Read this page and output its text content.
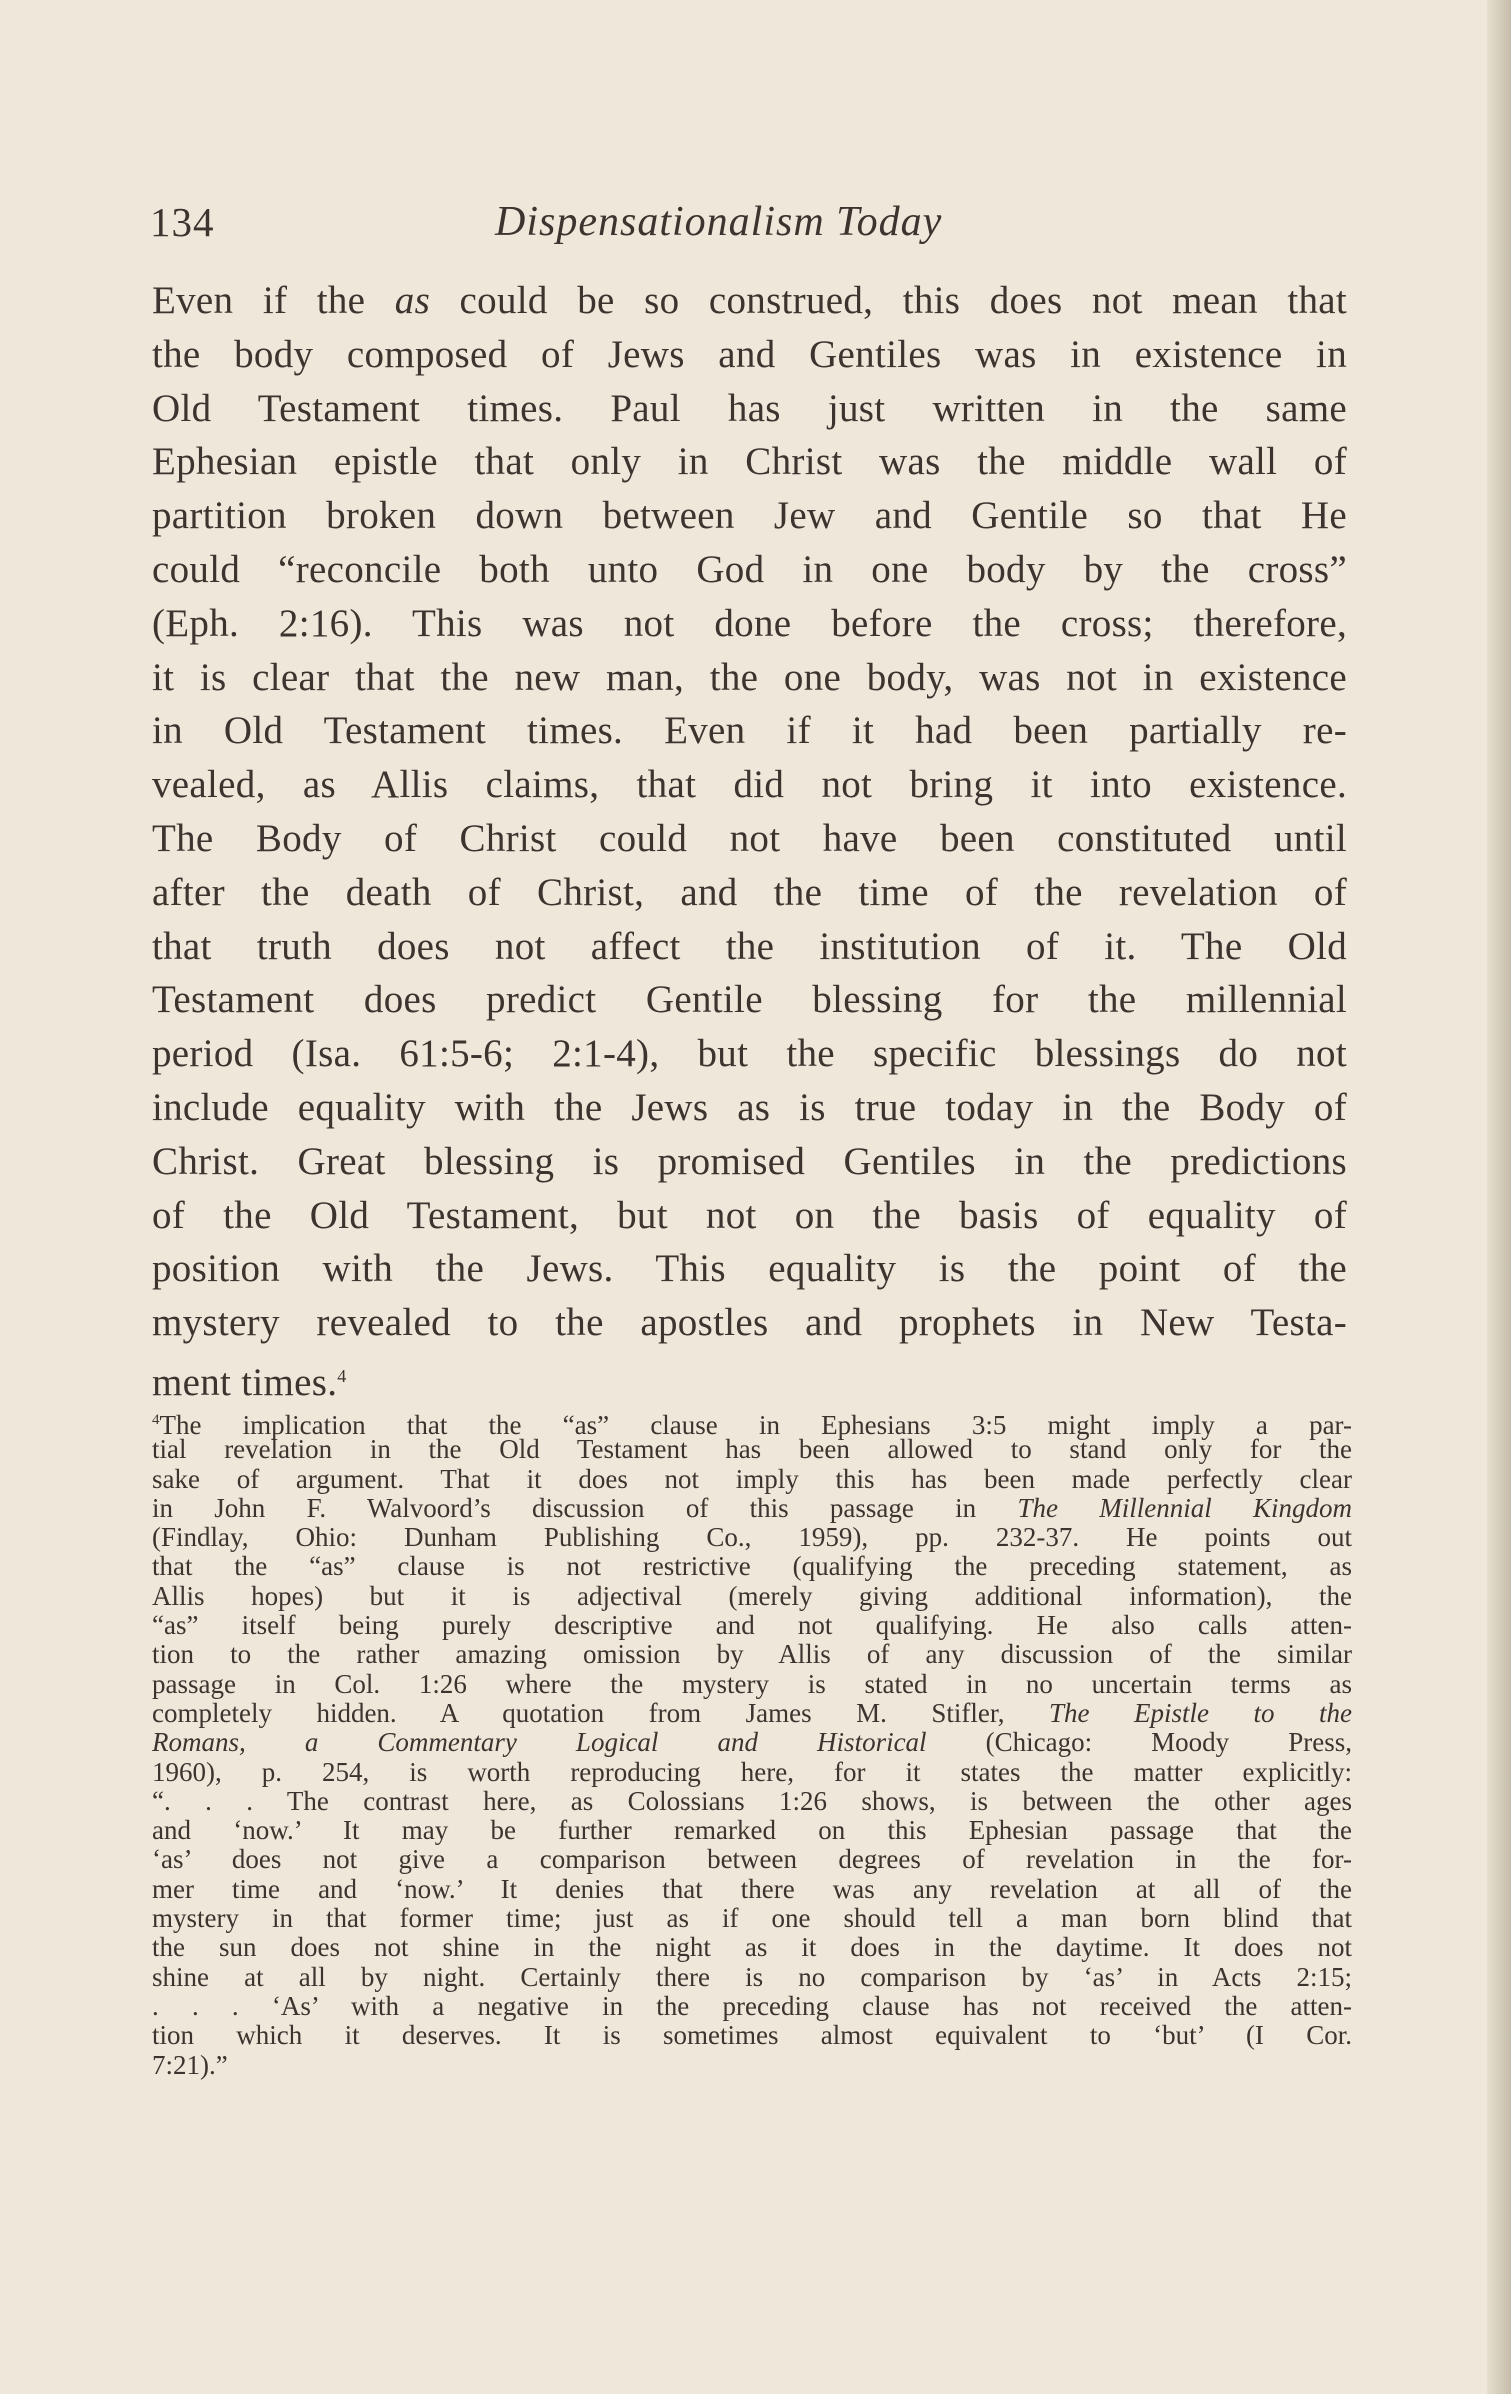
134	Dispensationalism Today
Even if the as could be so construed, this does not mean that
the body composed of Jews and Gentiles was in existence in
Old Testament times. Paul has just written in the same
Ephesian epistle that only in Christ was the middle wall of
partition broken down between Jew and Gentile so that He
could “reconcile both unto God in one body by the cross”
(Eph. 2:16). This was not done before the cross; therefore,
it is clear that the new man, the one body, was not in existence
in Old Testament times. Even if it had been partially re-
vealed, as Allis claims, that did not bring it into existence.
The Body of Christ could not have been constituted until
after the death of Christ, and the time of the revelation of
that truth does not affect the institution of it. The Old
Testament does predict Gentile blessing for the millennial
period (Isa. 61:5-6; 2:1-4), but the specific blessings do not
include equality with the Jews as is true today in the Body of
Christ. Great blessing is promised Gentiles in the predictions
of the Old Testament, but not on the basis of equality of
position with the Jews. This equality is the point of the
mystery revealed to the apostles and prophets in New Testa-
ment times.$^4$
$^4$The implication that the “as” clause in Ephesians 3:5 might imply a par-
tial revelation in the Old Testament has been allowed to stand only for the
sake of argument. That it does not imply this has been made perfectly clear
in John F. Walvoord’s discussion of this passage in The Millennial Kingdom
(Findlay, Ohio: Dunham Publishing Co., 1959), pp. 232-37. He points out
that the “as” clause is not restrictive (qualifying the preceding statement, as
Allis hopes) but it is adjectival (merely giving additional information), the
“as” itself being purely descriptive and not qualifying. He also calls atten-
tion to the rather amazing omission by Allis of any discussion of the similar
passage in Col. 1:26 where the mystery is stated in no uncertain terms as
completely hidden. A quotation from James M. Stifler, The Epistle to the
Romans, a Commentary Logical and Historical (Chicago: Moody Press,
1960), p. 254, is worth reproducing here, for it states the matter explicitly:
“. . . The contrast here, as Colossians 1:26 shows, is between the other ages
and ‘now.’ It may be further remarked on this Ephesian passage that the
‘as’ does not give a comparison between degrees of revelation in the for-
mer time and ‘now.’ It denies that there was any revelation at all of the
mystery in that former time; just as if one should tell a man born blind that
the sun does not shine in the night as it does in the daytime. It does not
shine at all by night. Certainly there is no comparison by ‘as’ in Acts 2:15;
. . . ‘As’ with a negative in the preceding clause has not received the atten-
tion which it deserves. It is sometimes almost equivalent to ‘but’ (I Cor.
7:21).”
